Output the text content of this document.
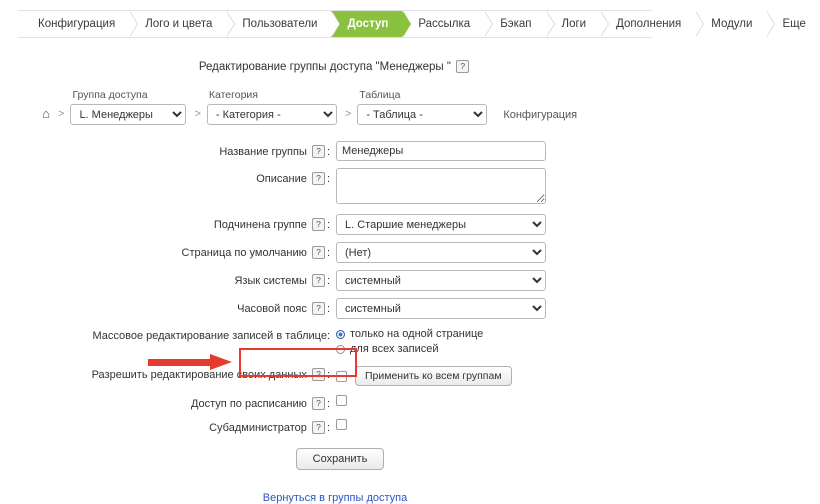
Конфигурация	Лого и цвета	Пользователи	Доступ	Рассылка	Бэкап	Логи	Дополнения	Модули	Еще
Редактирование группы доступа "Менеджеры " ?
⌂ >
Группа доступа
L. Менеджеры
>
Категория
- Категория -
>
Таблица
- Таблица -
Конфигурация
Название группы ? :
Менеджеры
Описание ? :
Подчинена группе ? :
L. Старшие менеджеры
Страница по умолчанию ? :
(Нет)
Язык системы ? :
системный
Часовой пояс ? :
системный
Массовое редактирование записей в таблице:	только на одной странице
для всех записей
Разрешить редактирование своих данных ? :	Применить ко всем группам
Доступ по расписанию ? :
Субадминистратор ? :
Сохранить
Вернуться в группы доступа
